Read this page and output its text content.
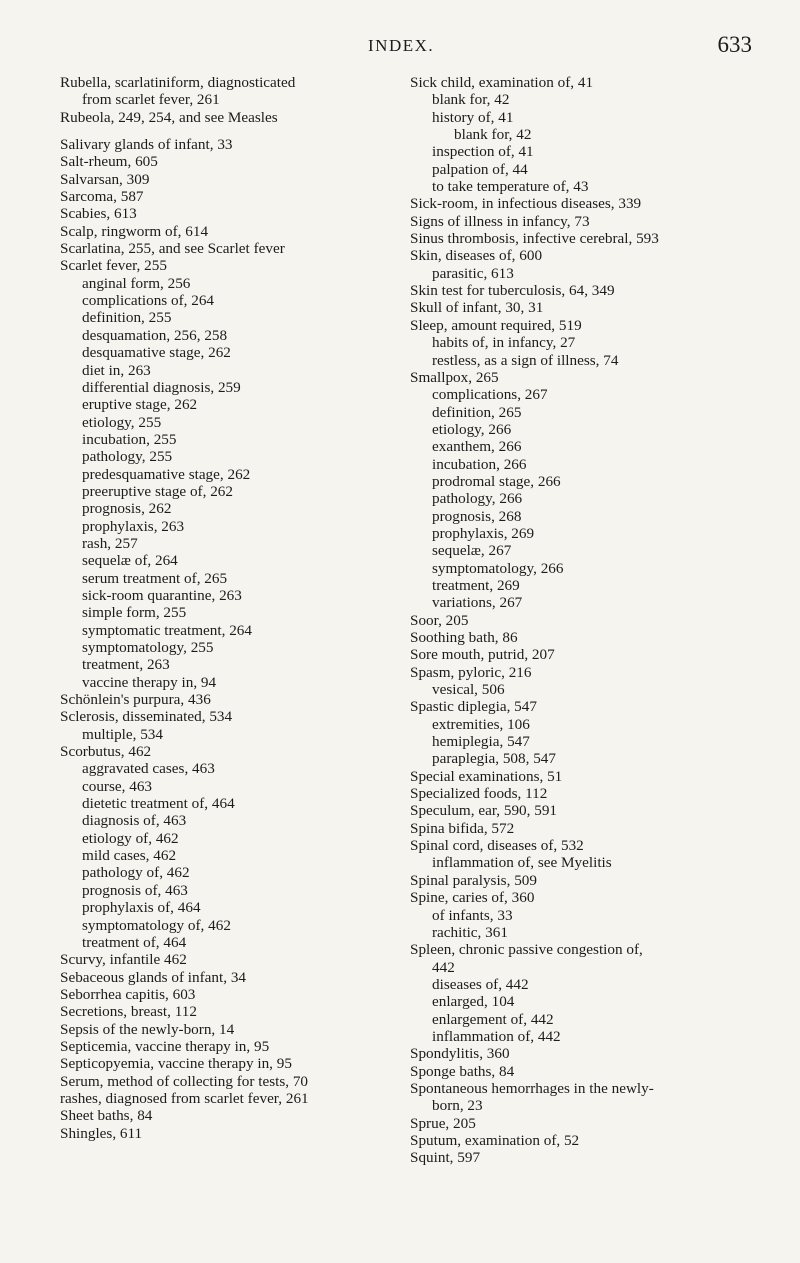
INDEX.	633
Rubella, scarlatiniform, diagnosticated
from scarlet fever, 261
Rubeola, 249, 254, and see Measles
Salivary glands of infant, 33
Salt-rheum, 605
Salvarsan, 309
Sarcoma, 587
Scabies, 613
Scalp, ringworm of, 614
Scarlatina, 255, and see Scarlet fever
Scarlet fever, 255
anginal form, 256
complications of, 264
definition, 255
desquamation, 256, 258
desquamative stage, 262
diet in, 263
differential diagnosis, 259
eruptive stage, 262
etiology, 255
incubation, 255
pathology, 255
predesquamative stage, 262
preeruptive stage of, 262
prognosis, 262
prophylaxis, 263
rash, 257
sequelæ of, 264
serum treatment of, 265
sick-room quarantine, 263
simple form, 255
symptomatic treatment, 264
symptomatology, 255
treatment, 263
vaccine therapy in, 94
Schönlein's purpura, 436
Sclerosis, disseminated, 534
multiple, 534
Scorbutus, 462
aggravated cases, 463
course, 463
dietetic treatment of, 464
diagnosis of, 463
etiology of, 462
mild cases, 462
pathology of, 462
prognosis of, 463
prophylaxis of, 464
symptomatology of, 462
treatment of, 464
Scurvy, infantile 462
Sebaceous glands of infant, 34
Seborrhea capitis, 603
Secretions, breast, 112
Sepsis of the newly-born, 14
Septicemia, vaccine therapy in, 95
Septicopyemia, vaccine therapy in, 95
Serum, method of collecting for tests, 70
rashes, diagnosed from scarlet fever, 261
Sheet baths, 84
Shingles, 611
Sick child, examination of, 41
blank for, 42
history of, 41
blank for, 42
inspection of, 41
palpation of, 44
to take temperature of, 43
Sick-room, in infectious diseases, 339
Signs of illness in infancy, 73
Sinus thrombosis, infective cerebral, 593
Skin, diseases of, 600
parasitic, 613
Skin test for tuberculosis, 64, 349
Skull of infant, 30, 31
Sleep, amount required, 519
habits of, in infancy, 27
restless, as a sign of illness, 74
Smallpox, 265
complications, 267
definition, 265
etiology, 266
exanthem, 266
incubation, 266
prodromal stage, 266
pathology, 266
prognosis, 268
prophylaxis, 269
sequelæ, 267
symptomatology, 266
treatment, 269
variations, 267
Soor, 205
Soothing bath, 86
Sore mouth, putrid, 207
Spasm, pyloric, 216
vesical, 506
Spastic diplegia, 547
extremities, 106
hemiplegia, 547
paraplegia, 508, 547
Special examinations, 51
Specialized foods, 112
Speculum, ear, 590, 591
Spina bifida, 572
Spinal cord, diseases of, 532
inflammation of, see Myelitis
Spinal paralysis, 509
Spine, caries of, 360
of infants, 33
rachitic, 361
Spleen, chronic passive congestion of,
442
diseases of, 442
enlarged, 104
enlargement of, 442
inflammation of, 442
Spondylitis, 360
Sponge baths, 84
Spontaneous hemorrhages in the newly-
born, 23
Sprue, 205
Sputum, examination of, 52
Squint, 597
